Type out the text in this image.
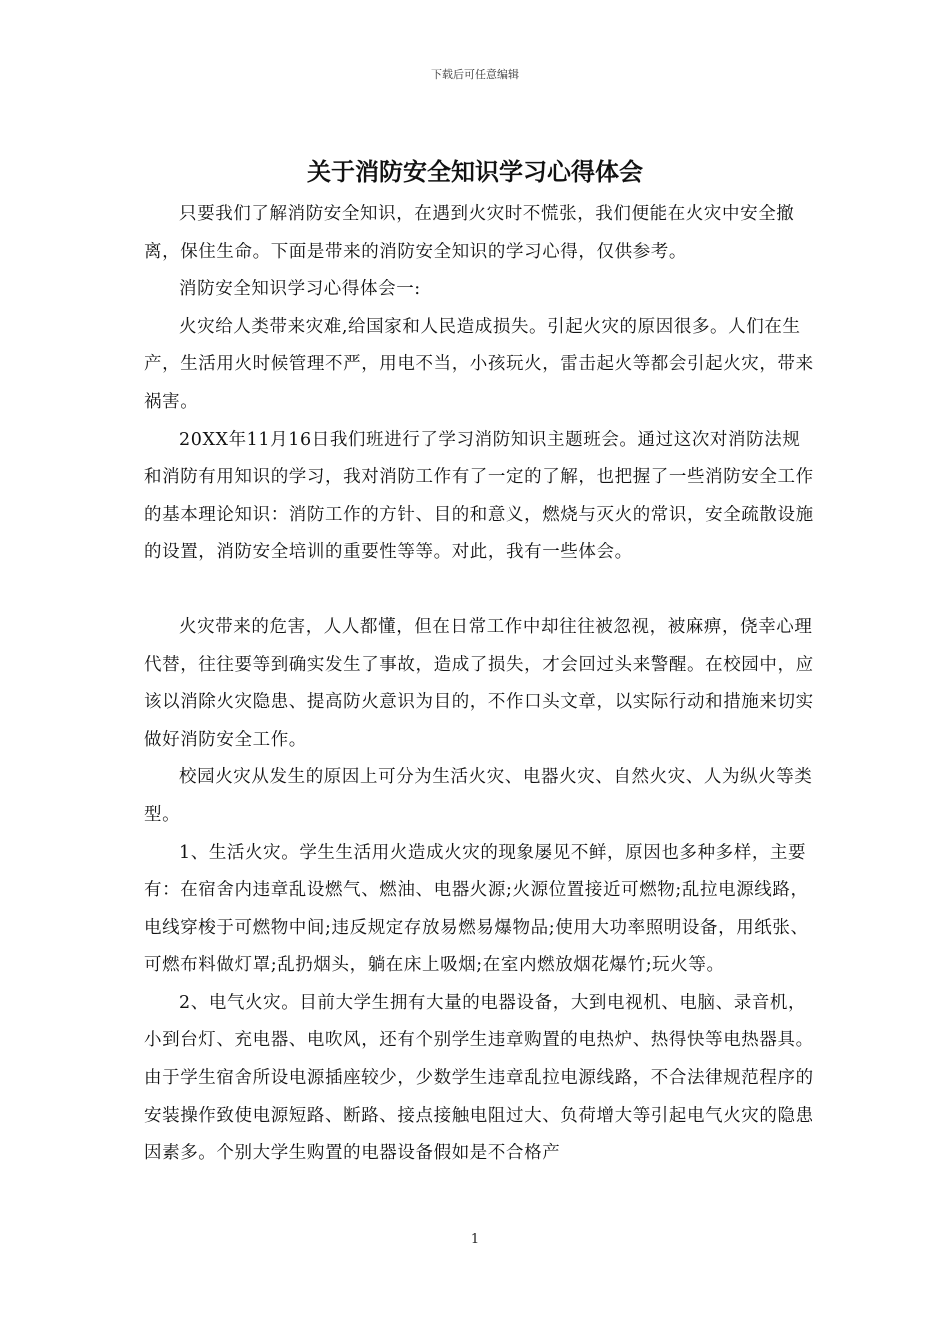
下载后可任意编辑
关于消防安全知识学习心得体会

只要我们了解消防安全知识，在遇到火灾时不慌张，我们便能在火灾中安全撤离，保住生命。下面是带来的消防安全知识的学习心得，仅供参考。

消防安全知识学习心得体会一:

火灾给人类带来灾难,给国家和人民造成损失。引起火灾的原因很多。人们在生产，生活用火时候管理不严，用电不当，小孩玩火，雷击起火等都会引起火灾，带来祸害。

20XX年11月16日我们班进行了学习消防知识主题班会。通过这次对消防法规和消防有用知识的学习，我对消防工作有了一定的了解，也把握了一些消防安全工作的基本理论知识：消防工作的方针、目的和意义，燃烧与灭火的常识，安全疏散设施的设置，消防安全培训的重要性等等。对此，我有一些体会。

火灾带来的危害，人人都懂，但在日常工作中却往往被忽视，被麻痹，侥幸心理代替，往往要等到确实发生了事故，造成了损失，才会回过头来警醒。在校园中，应该以消除火灾隐患、提高防火意识为目的，不作口头文章，以实际行动和措施来切实做好消防安全工作。

校园火灾从发生的原因上可分为生活火灾、电器火灾、自然火灾、人为纵火等类型。

1、生活火灾。学生生活用火造成火灾的现象屡见不鲜，原因也多种多样，主要有：在宿舍内违章乱设燃气、燃油、电器火源;火源位置接近可燃物;乱拉电源线路，电线穿梭于可燃物中间;违反规定存放易燃易爆物品;使用大功率照明设备，用纸张、可燃布料做灯罩;乱扔烟头，躺在床上吸烟;在室内燃放烟花爆竹;玩火等。

2、电气火灾。目前大学生拥有大量的电器设备，大到电视机、电脑、录音机，小到台灯、充电器、电吹风，还有个别学生违章购置的电热炉、热得快等电热器具。由于学生宿舍所设电源插座较少，少数学生违章乱拉电源线路，不合法律规范程序的安装操作致使电源短路、断路、接点接触电阻过大、负荷增大等引起电气火灾的隐患因素多。个别大学生购置的电器设备假如是不合格产

1
